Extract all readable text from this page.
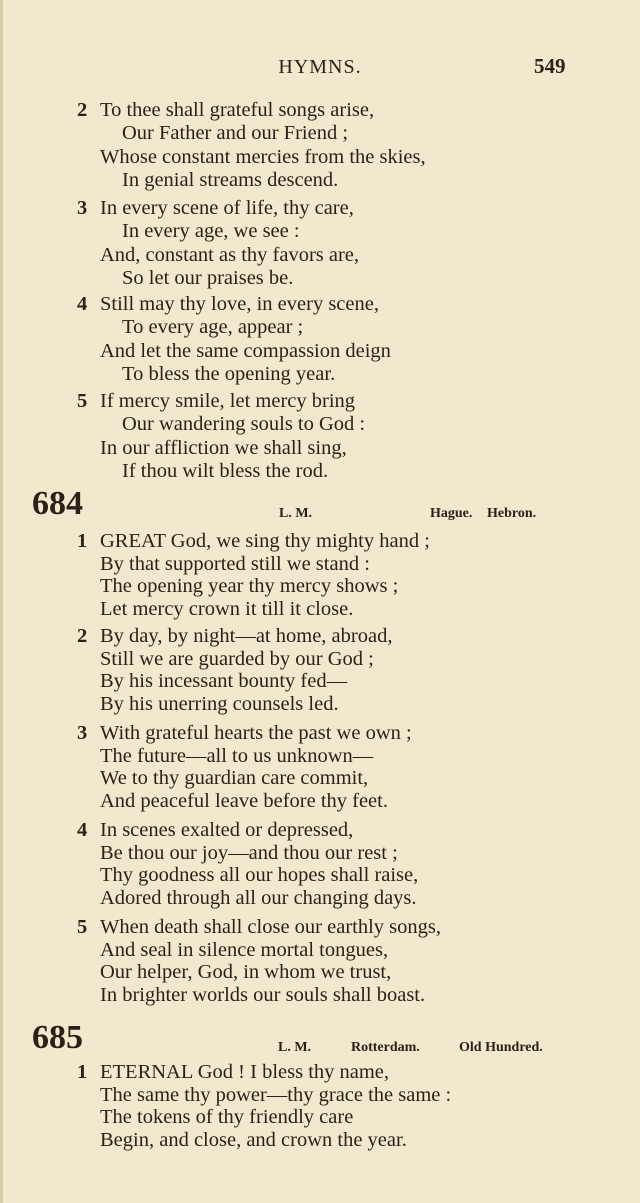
HYMNS.	549
2 To thee shall grateful songs arise,
Our Father and our Friend ;
Whose constant mercies from the skies,
In genial streams descend.
3 In every scene of life, thy care,
In every age, we see :
And, constant as thy favors are,
So let our praises be.
4 Still may thy love, in every scene,
To every age, appear ;
And let the same compassion deign
To bless the opening year.
5 If mercy smile, let mercy bring
Our wandering souls to God :
In our affliction we shall sing,
If thou wilt bless the rod.
684	L. M.	Hague. Hebron.
1 GREAT God, we sing thy mighty hand ;
By that supported still we stand :
The opening year thy mercy shows ;
Let mercy crown it till it close.
2 By day, by night—at home, abroad,
Still we are guarded by our God ;
By his incessant bounty fed—
By his unerring counsels led.
3 With grateful hearts the past we own ;
The future—all to us unknown—
We to thy guardian care commit,
And peaceful leave before thy feet.
4 In scenes exalted or depressed,
Be thou our joy—and thou our rest ;
Thy goodness all our hopes shall raise,
Adored through all our changing days.
5 When death shall close our earthly songs,
And seal in silence mortal tongues,
Our helper, God, in whom we trust,
In brighter worlds our souls shall boast.
685	L. M.	Rotterdam.	Old Hundred.
1 ETERNAL God ! I bless thy name,
The same thy power—thy grace the same :
The tokens of thy friendly care
Begin, and close, and crown the year.
